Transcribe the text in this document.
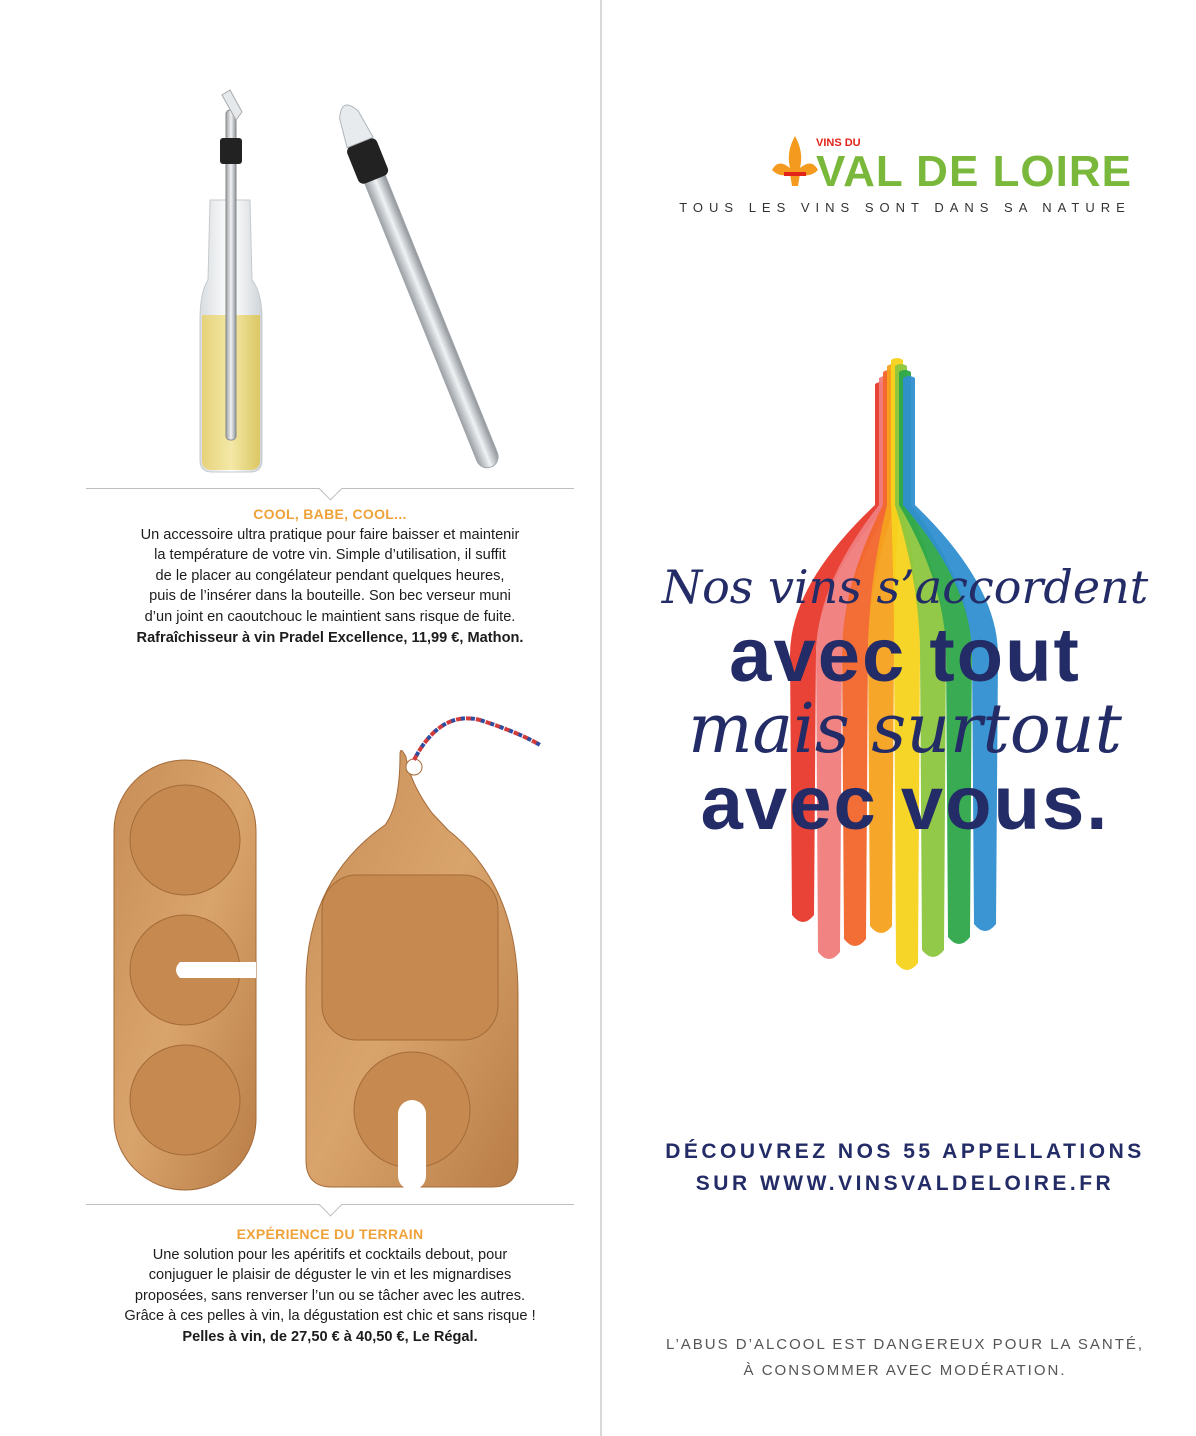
COOL, BABE, COOL...

Un accessoire ultra pratique pour faire baisser et maintenir

la température de votre vin. Simple d’utilisation, il suffit

de le placer au congélateur pendant quelques heures,

puis de l’insérer dans la bouteille. Son bec verseur muni

d’un joint en caoutchouc le maintient sans risque de fuite.

Rafraîchisseur à vin Pradel Excellence, 11,99 €, Mathon.

EXPÉRIENCE DU TERRAIN

Une solution pour les apéritifs et cocktails debout, pour

conjuguer le plaisir de déguster le vin et les mignardises

proposées, sans renverser l’un ou se tâcher avec les autres.

Grâce à ces pelles à vin, la dégustation est chic et sans risque !

Pelles à vin, de 27,50 € à 40,50 €, Le Régal.

VINS DU
VAL DE LOIRE
TOUS LES VINS SONT DANS SA NATURE
Nos vins s’accordent
avec tout
mais surtout
avec vous.
DÉCOUVREZ NOS 55 APPELLATIONS
SUR WWW.VINSVALDELOIRE.FR
L’ABUS D’ALCOOL EST DANGEREUX POUR LA SANTÉ,
À CONSOMMER AVEC MODÉRATION.
